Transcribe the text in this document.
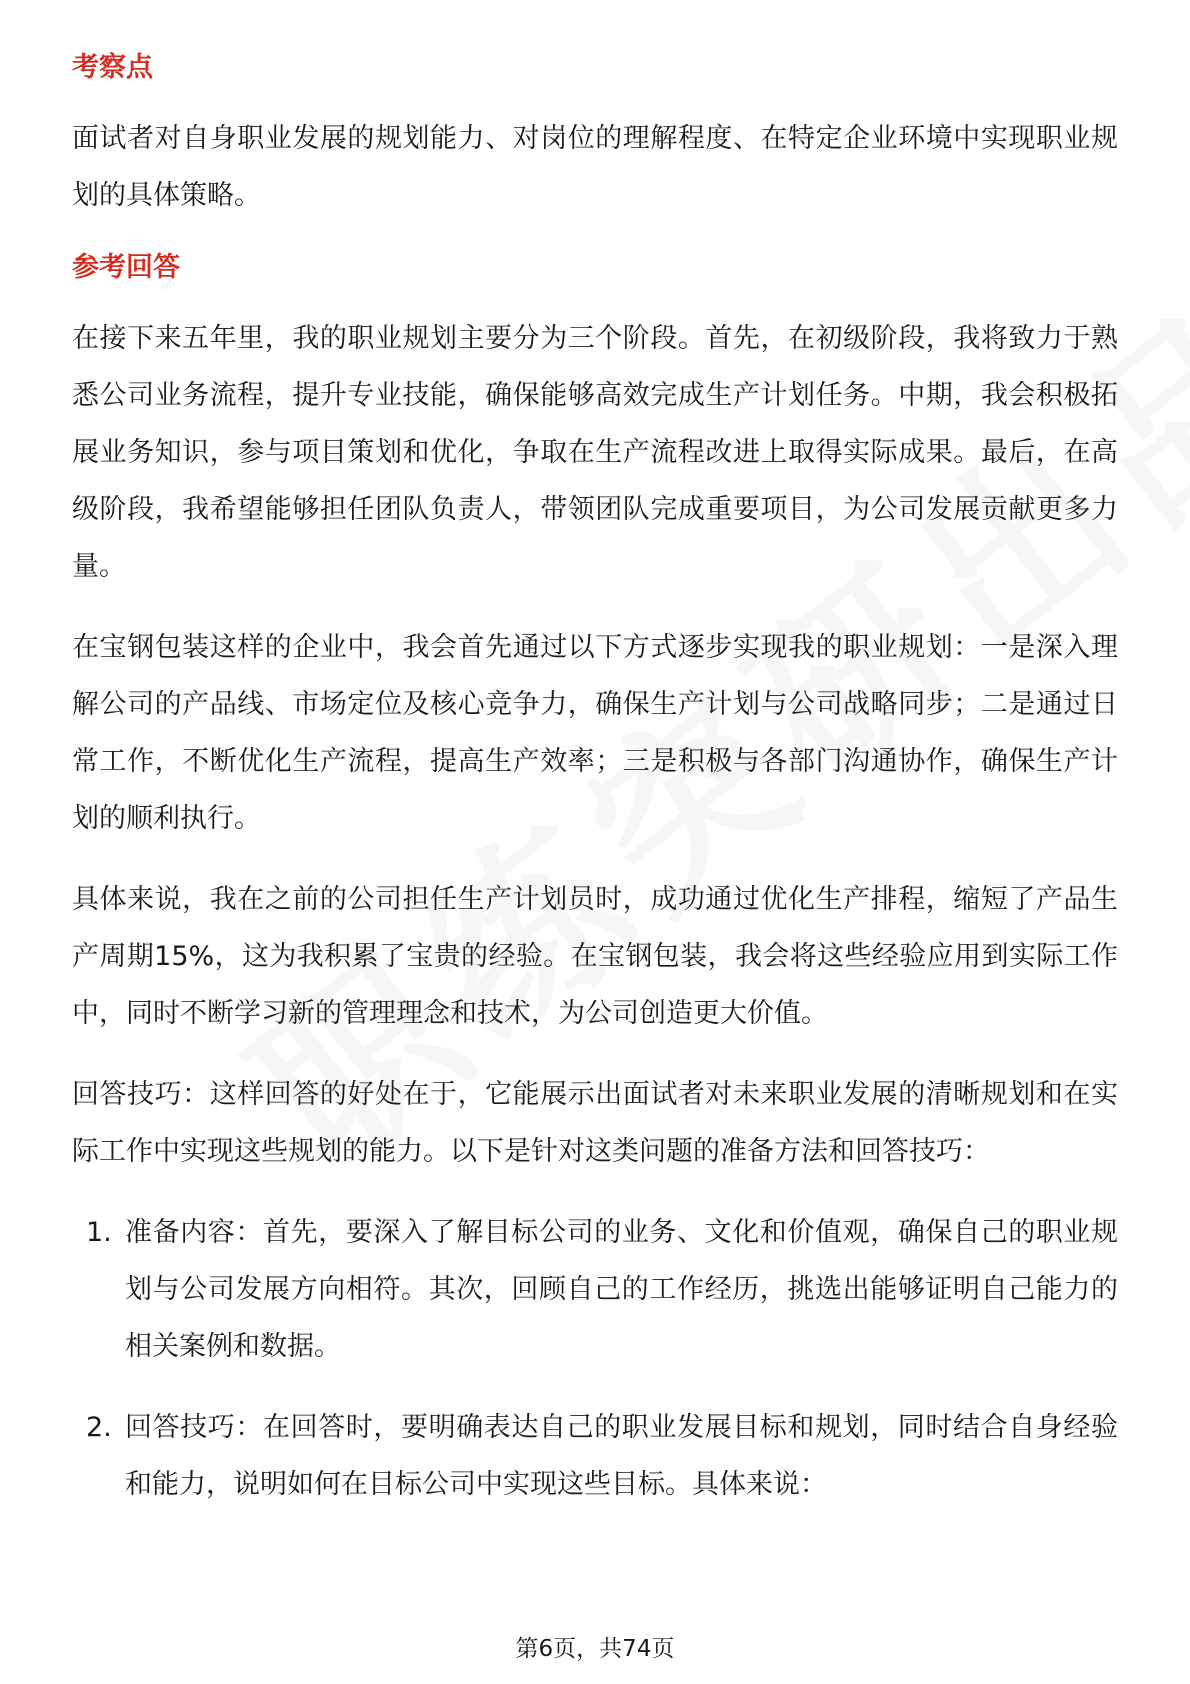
考察点

面试者对自身职业发展的规划能力、对岗位的理解程度、在特定企业环境中实现职业规划的具体策略。

参考回答

在接下来五年里，我的职业规划主要分为三个阶段。首先，在初级阶段，我将致力于熟悉公司业务流程，提升专业技能，确保能够高效完成生产计划任务。中期，我会积极拓展业务知识，参与项目策划和优化，争取在生产流程改进上取得实际成果。最后，在高级阶段，我希望能够担任团队负责人，带领团队完成重要项目，为公司发展贡献更多力量。

在宝钢包装这样的企业中，我会首先通过以下方式逐步实现我的职业规划：一是深入理解公司的产品线、市场定位及核心竞争力，确保生产计划与公司战略同步；二是通过日常工作，不断优化生产流程，提高生产效率；三是积极与各部门沟通协作，确保生产计划的顺利执行。

具体来说，我在之前的公司担任生产计划员时，成功通过优化生产排程，缩短了产品生产周期15%，这为我积累了宝贵的经验。在宝钢包装，我会将这些经验应用到实际工作中，同时不断学习新的管理理念和技术，为公司创造更大价值。

回答技巧：这样回答的好处在于，它能展示出面试者对未来职业发展的清晰规划和在实际工作中实现这些规划的能力。以下是针对这类问题的准备方法和回答技巧：

1. 准备内容：首先，要深入了解目标公司的业务、文化和价值观，确保自己的职业规划与公司发展方向相符。其次，回顾自己的工作经历，挑选出能够证明自己能力的相关案例和数据。
2. 回答技巧：在回答时，要明确表达自己的职业发展目标和规划，同时结合自身经验和能力，说明如何在目标公司中实现这些目标。具体来说：
第6页，共74页
